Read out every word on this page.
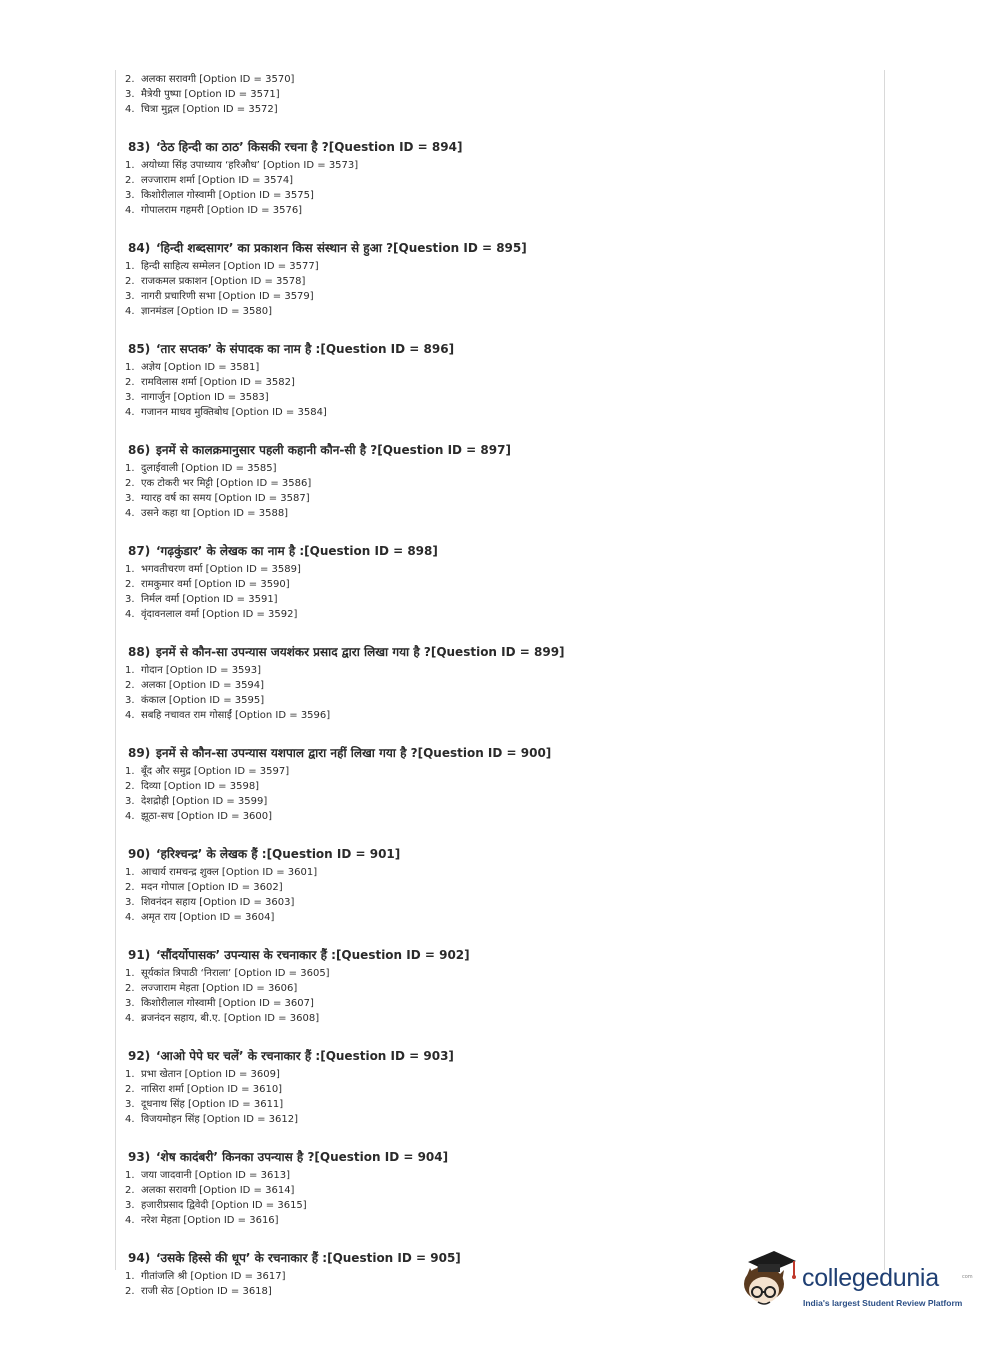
2. अलका सरावगी [Option ID = 3570]
3. मैत्रेयी पुष्पा [Option ID = 3571]
4. चित्रा मुद्गल [Option ID = 3572]
83) ‘ठेठ हिन्दी का ठाठ’ किसकी रचना है ?[Question ID = 894]
1. अयोध्या सिंह उपाध्याय ‘हरिऔध’ [Option ID = 3573]
2. लज्जाराम शर्मा [Option ID = 3574]
3. किशोरीलाल गोस्वामी [Option ID = 3575]
4. गोपालराम गहमरी [Option ID = 3576]
84) ‘हिन्दी शब्दसागर’ का प्रकाशन किस संस्थान से हुआ ?[Question ID = 895]
1. हिन्दी साहित्य सम्मेलन [Option ID = 3577]
2. राजकमल प्रकाशन [Option ID = 3578]
3. नागरी प्रचारिणी सभा [Option ID = 3579]
4. ज्ञानमंडल [Option ID = 3580]
85) ‘तार सप्तक’ के संपादक का नाम है :[Question ID = 896]
1. अज्ञेय [Option ID = 3581]
2. रामविलास शर्मा [Option ID = 3582]
3. नागार्जुन [Option ID = 3583]
4. गजानन माधव मुक्तिबोध [Option ID = 3584]
86) इनमें से कालक्रमानुसार पहली कहानी कौन-सी है ?[Question ID = 897]
1. दुलाईवाली [Option ID = 3585]
2. एक टोकरी भर मिट्टी [Option ID = 3586]
3. ग्यारह वर्ष का समय [Option ID = 3587]
4. उसने कहा था [Option ID = 3588]
87) ‘गढ़कुंडार’ के लेखक का नाम है :[Question ID = 898]
1. भगवतीचरण वर्मा [Option ID = 3589]
2. रामकुमार वर्मा [Option ID = 3590]
3. निर्मल वर्मा [Option ID = 3591]
4. वृंदावनलाल वर्मा [Option ID = 3592]
88) इनमें से कौन-सा उपन्यास जयशंकर प्रसाद द्वारा लिखा गया है ?[Question ID = 899]
1. गोदान [Option ID = 3593]
2. अलका [Option ID = 3594]
3. कंकाल [Option ID = 3595]
4. सबहि नचावत राम गोसाईं [Option ID = 3596]
89) इनमें से कौन-सा उपन्यास यशपाल द्वारा नहीं लिखा गया है ?[Question ID = 900]
1. बूँद और समुद्र [Option ID = 3597]
2. दिव्या [Option ID = 3598]
3. देशद्रोही [Option ID = 3599]
4. झूठा-सच [Option ID = 3600]
90) ‘हरिश्चन्द्र’ के लेखक हैं :[Question ID = 901]
1. आचार्य रामचन्द्र शुक्ल [Option ID = 3601]
2. मदन गोपाल [Option ID = 3602]
3. शिवनंदन सहाय [Option ID = 3603]
4. अमृत राय [Option ID = 3604]
91) ‘सौंदर्योपासक’ उपन्यास के रचनाकार हैं :[Question ID = 902]
1. सूर्यकांत त्रिपाठी ‘निराला’ [Option ID = 3605]
2. लज्जाराम मेहता [Option ID = 3606]
3. किशोरीलाल गोस्वामी [Option ID = 3607]
4. ब्रजनंदन सहाय, बी.ए. [Option ID = 3608]
92) ‘आओ पेपे घर चलें’ के रचनाकार हैं :[Question ID = 903]
1. प्रभा खेतान [Option ID = 3609]
2. नासिरा शर्मा [Option ID = 3610]
3. दूधनाथ सिंह [Option ID = 3611]
4. विजयमोहन सिंह [Option ID = 3612]
93) ‘शेष कादंबरी’ किनका उपन्यास है ?[Question ID = 904]
1. जया जादवानी [Option ID = 3613]
2. अलका सरावगी [Option ID = 3614]
3. हजारीप्रसाद द्विवेदी [Option ID = 3615]
4. नरेश मेहता [Option ID = 3616]
94) ‘उसके हिस्से की धूप’ के रचनाकार हैं :[Question ID = 905]
1. गीतांजलि श्री [Option ID = 3617]
2. राजी सेठ [Option ID = 3618]	collegedunia	com
India's largest Student Review Platform
